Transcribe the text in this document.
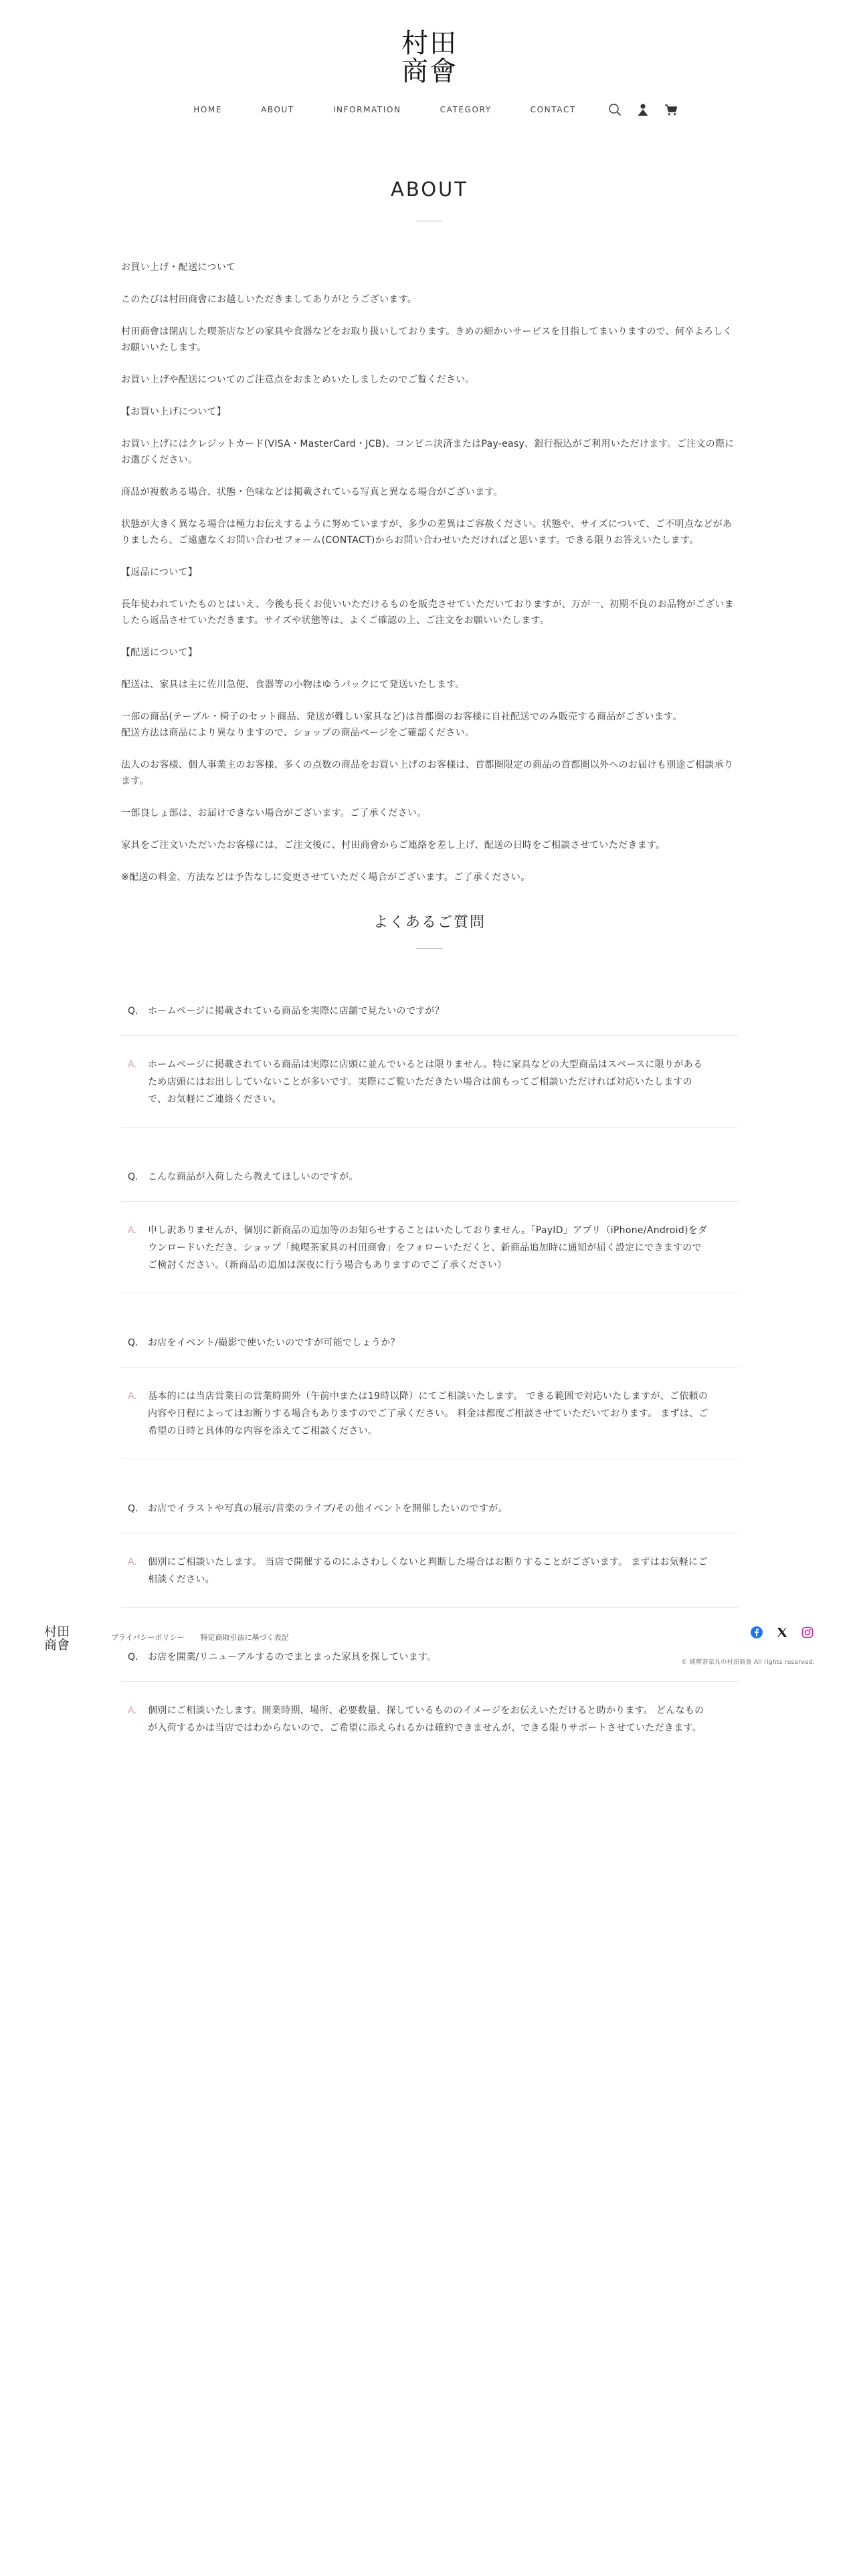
村田
商會
HOME	ABOUT	INFORMATION	CATEGORY	CONTACT
ABOUT

お買い上げ・配送について

このたびは村田商會にお越しいただきましてありがとうございます。

村田商會は閉店した喫茶店などの家具や食器などをお取り扱いしております。きめの細かいサービスを目指してまいりますので、何卒よろしくお願いいたします。

お買い上げや配送についてのご注意点をおまとめいたしましたのでご覧ください。

【お買い上げについて】

お買い上げにはクレジットカード(VISA・MasterCard・JCB)、コンビニ決済またはPay-easy、銀行振込がご利用いただけます。ご注文の際にお選びください。

商品が複数ある場合、状態・色味などは掲載されている写真と異なる場合がございます。

状態が大きく異なる場合は極力お伝えするように努めていますが、多少の差異はご容赦ください。状態や、サイズについて、ご不明点などがありましたら、ご遠慮なくお問い合わせフォーム(CONTACT)からお問い合わせいただければと思います。できる限りお答えいたします。

【返品について】

長年使われていたものとはいえ、今後も長くお使いいただけるものを販売させていただいておりますが、万が一、初期不良のお品物がございましたら返品させていただきます。サイズや状態等は、よくご確認の上、ご注文をお願いいたします。

【配送について】

配送は、家具は主に佐川急便、食器等の小物はゆうパックにて発送いたします。

一部の商品(テーブル・椅子のセット商品、発送が難しい家具など)は首都圏のお客様に自社配送でのみ販売する商品がございます。

配送方法は商品により異なりますので、ショップの商品ページをご確認ください。

法人のお客様、個人事業主のお客様、多くの点数の商品をお買い上げのお客様は、首都圏限定の商品の首都圏以外へのお届けも別途ご相談承ります。

一部良しょ部は、お届けできない場合がございます。ご了承ください。

家具をご注文いただいたお客様には、ご注文後に、村田商會からご連絡を差し上げ、配送の日時をご相談させていただきます。

※配送の料金、方法などは予告なしに変更させていただく場合がございます。ご了承ください。

よくあるご質問
Q.	ホームページに掲載されている商品を実際に店舗で見たいのですが？
A.	ホームページに掲載されている商品は実際に店頭に並んでいるとは限りません。特に家具などの大型商品はスペースに限りがあるため店頭にはお出ししていないことが多いです。実際にご覧いただきたい場合は前もってご相談いただければ対応いたしますので、お気軽にご連絡ください。
Q.	こんな商品が入荷したら教えてほしいのですが。
A.	申し訳ありませんが、個別に新商品の追加等のお知らせすることはいたしておりません。「PayID」アプリ（iPhone/Android)をダウンロードいただき、ショップ「純喫茶家具の村田商會」をフォローいただくと、新商品追加時に通知が届く設定にできますので ご検討ください。（新商品の追加は深夜に行う場合もありますのでご了承ください）
Q.	お店をイベント/撮影で使いたいのですが可能でしょうか？
A.	基本的には当店営業日の営業時間外（午前中または19時以降）にてご相談いたします。 できる範囲で対応いたしますが、ご依頼の内容や日程によってはお断りする場合もありますのでご了承ください。 料金は都度ご相談させていただいております。 まずは、ご希望の日時と具体的な内容を添えてご相談ください。
Q.	お店でイラストや写真の展示/音楽のライブ/その他イベントを開催したいのですが。
A.	個別にご相談いたします。 当店で開催するのにふさわしくないと判断した場合はお断りすることがございます。 まずはお気軽にご相談ください。
Q.	お店を開業/リニューアルするのでまとまった家具を探しています。
A.	個別にご相談いたします。開業時期、場所、必要数量、探しているもののイメージをお伝えいただけると助かります。 どんなものが入荷するかは当店ではわからないので、ご希望に添えられるかは確約できませんが、できる限りサポートさせていただきます。
村田
商會
プライバシーポリシー 特定商取引法に基づく表記
© 純喫茶家具の村田商會 All rights reserved.
